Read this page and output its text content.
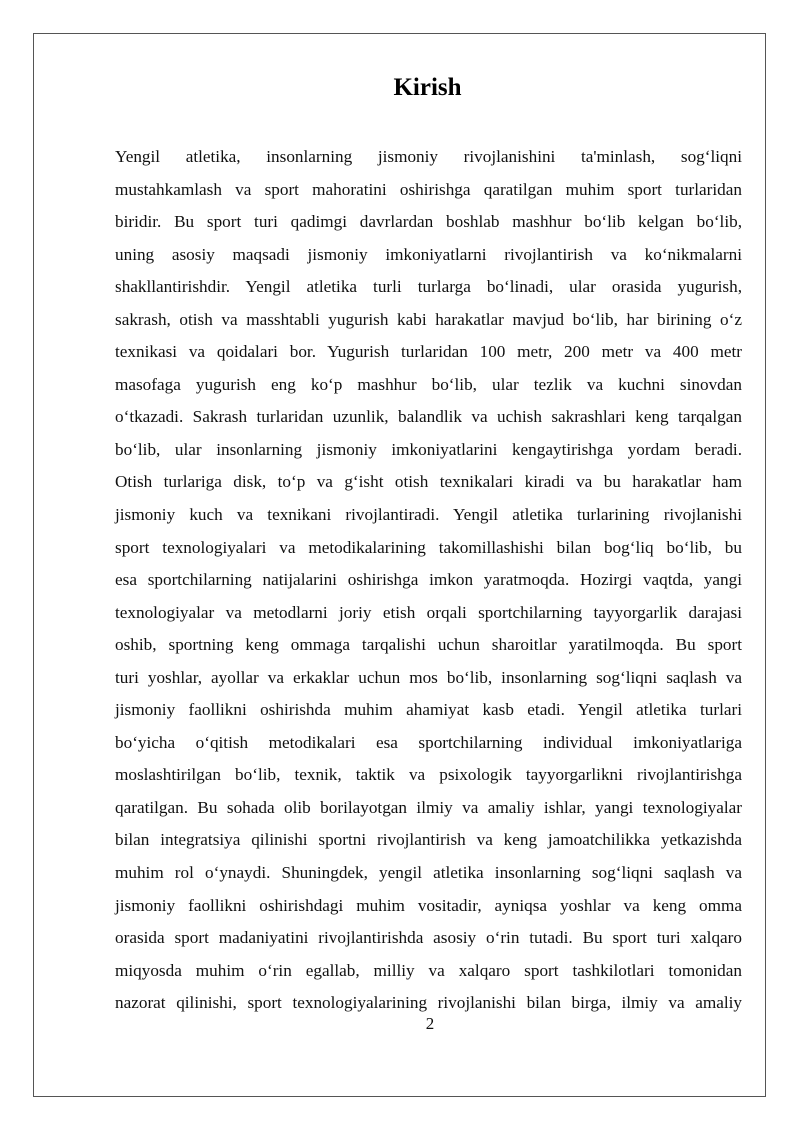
Kirish
Yengil atletika, insonlarning jismoniy rivojlanishini ta'minlash, sog‘liqni
mustahkamlash va sport mahoratini oshirishga qaratilgan muhim sport turlaridan
biridir. Bu sport turi qadimgi davrlardan boshlab mashhur bo‘lib kelgan bo‘lib,
uning asosiy maqsadi jismoniy imkoniyatlarni rivojlantirish va ko‘nikmalarni
shakllantirishdir. Yengil atletika turli turlarga bo‘linadi, ular orasida yugurish,
sakrash, otish va masshtabli yugurish kabi harakatlar mavjud bo‘lib, har birining o‘z
texnikasi va qoidalari bor. Yugurish turlaridan 100 metr, 200 metr va 400 metr
masofaga yugurish eng ko‘p mashhur bo‘lib, ular tezlik va kuchni sinovdan
o‘tkazadi. Sakrash turlaridan uzunlik, balandlik va uchish sakrashlari keng tarqalgan
bo‘lib, ular insonlarning jismoniy imkoniyatlarini kengaytirishga yordam beradi.
Otish turlariga disk, to‘p va g‘isht otish texnikalari kiradi va bu harakatlar ham
jismoniy kuch va texnikani rivojlantiradi. Yengil atletika turlarining rivojlanishi
sport texnologiyalari va metodikalarining takomillashishi bilan bog‘liq bo‘lib, bu
esa sportchilarning natijalarini oshirishga imkon yaratmoqda. Hozirgi vaqtda, yangi
texnologiyalar va metodlarni joriy etish orqali sportchilarning tayyorgarlik darajasi
oshib, sportning keng ommaga tarqalishi uchun sharoitlar yaratilmoqda. Bu sport
turi yoshlar, ayollar va erkaklar uchun mos bo‘lib, insonlarning sog‘liqni saqlash va
jismoniy faollikni oshirishda muhim ahamiyat kasb etadi. Yengil atletika turlari
bo‘yicha o‘qitish metodikalari esa sportchilarning individual imkoniyatlariga
moslashtirilgan bo‘lib, texnik, taktik va psixologik tayyorgarlikni rivojlantirishga
qaratilgan. Bu sohada olib borilayotgan ilmiy va amaliy ishlar, yangi texnologiyalar
bilan integratsiya qilinishi sportni rivojlantirish va keng jamoatchilikka yetkazishda
muhim rol o‘ynaydi. Shuningdek, yengil atletika insonlarning sog‘liqni saqlash va
jismoniy faollikni oshirishdagi muhim vositadir, ayniqsa yoshlar va keng omma
orasida sport madaniyatini rivojlantirishda asosiy o‘rin tutadi. Bu sport turi xalqaro
miqyosda muhim o‘rin egallab, milliy va xalqaro sport tashkilotlari tomonidan
nazorat qilinishi, sport texnologiyalarining rivojlanishi bilan birga, ilmiy va amaliy
2
